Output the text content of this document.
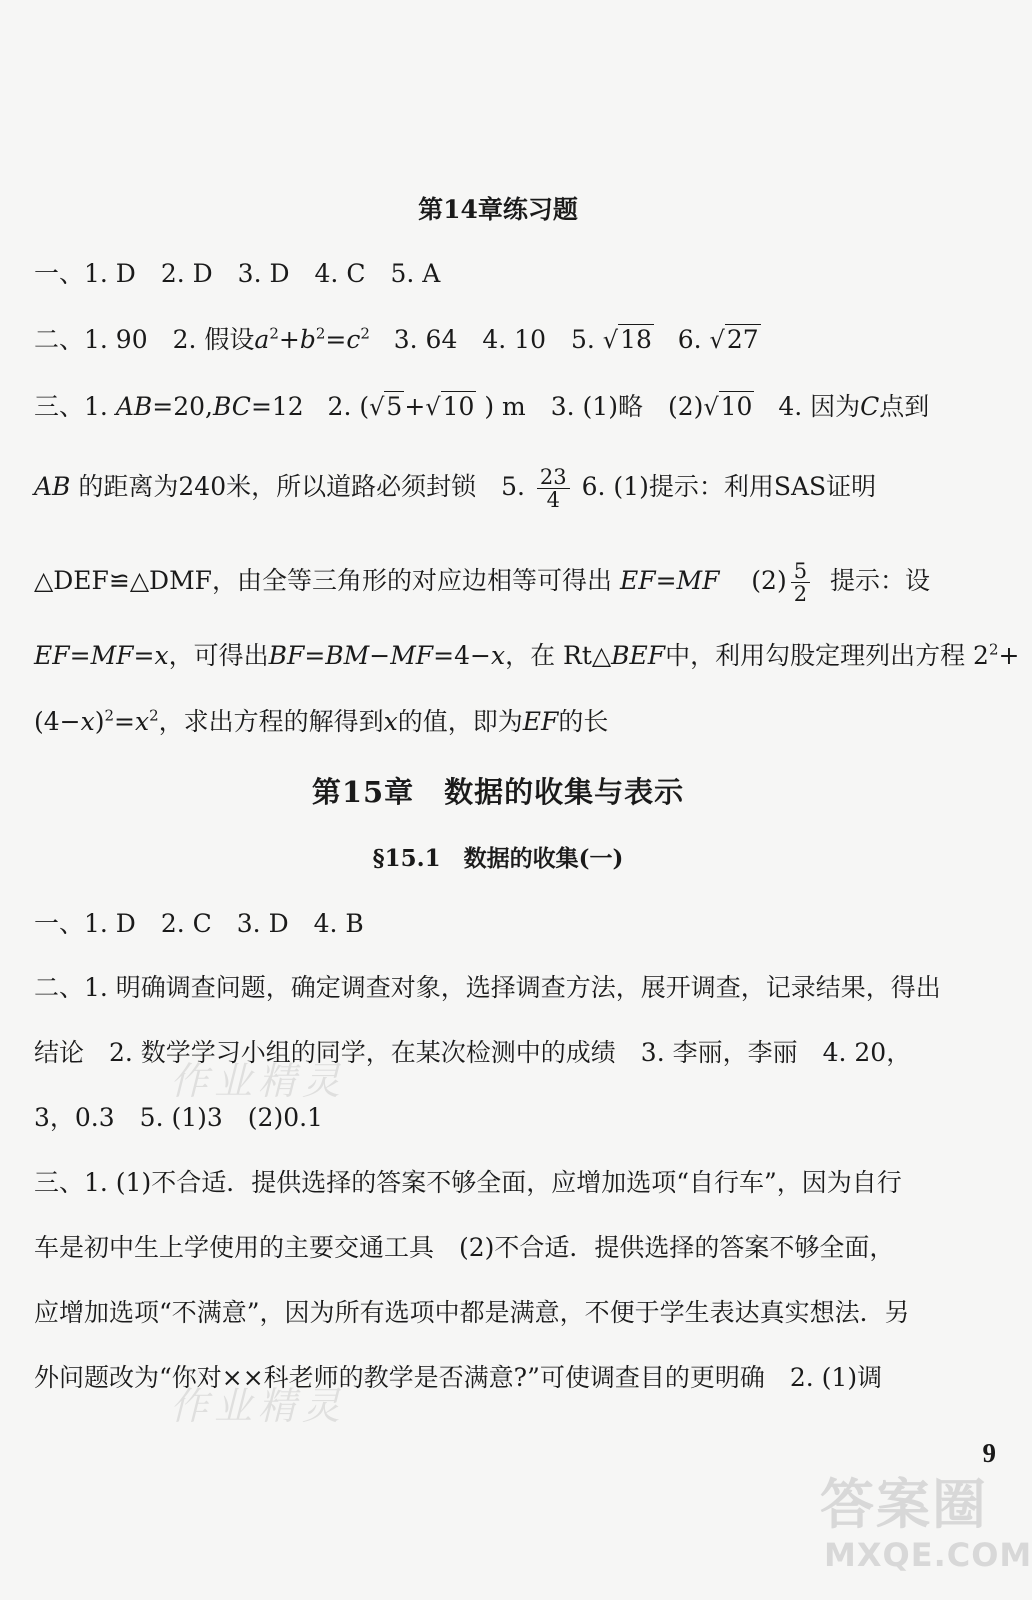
第14章练习题
一、1. D　2. D　3. D　4. C　5. A
二、1. 90　2. 假设$a^2+b^2=c^2$ 3. 64　4. 10　5. √18 6. √27
三、1. AB=20,BC=12   2. (√5+√10 ) m　3. (1)略　(2)√10 4. 因为C点到
AB 的距离为240米，所以道路必须封锁　5. $\frac{23}{4} 6$. (1)提示：利用SAS证明
△DEF≌△DMF，由全等三角形的对应边相等可得出 EF=MF $(2) \frac{5}{2}$ 提示：设
EF=MF=x，可得出BF=BM−MF=4−x，在 Rt△BEF中，利用勾股定理列出方程 $2^2+$
$(4-x)^2=x^2$，求出方程的解得到x的值，即为EF的长
第15章　数据的收集与表示
§15.1　数据的收集(一)
一、1. D　2. C　3. D　4. B
二、1. 明确调查问题，确定调查对象，选择调查方法，展开调查，记录结果，得出
结论　2. 数学学习小组的同学，在某次检测中的成绩　3. 李丽，李丽　4. 20，
3，0.3　5. (1)3　(2)0.1
三、1. (1)不合适．提供选择的答案不够全面，应增加选项“自行车”，因为自行
车是初中生上学使用的主要交通工具　(2)不合适．提供选择的答案不够全面，
应增加选项“不满意”，因为所有选项中都是满意，不便于学生表达真实想法．另
外问题改为“你对××科老师的教学是否满意?”可使调查目的更明确　2. (1)调
作业精灵
作业精灵
9
答案圈
MXQE.COM
